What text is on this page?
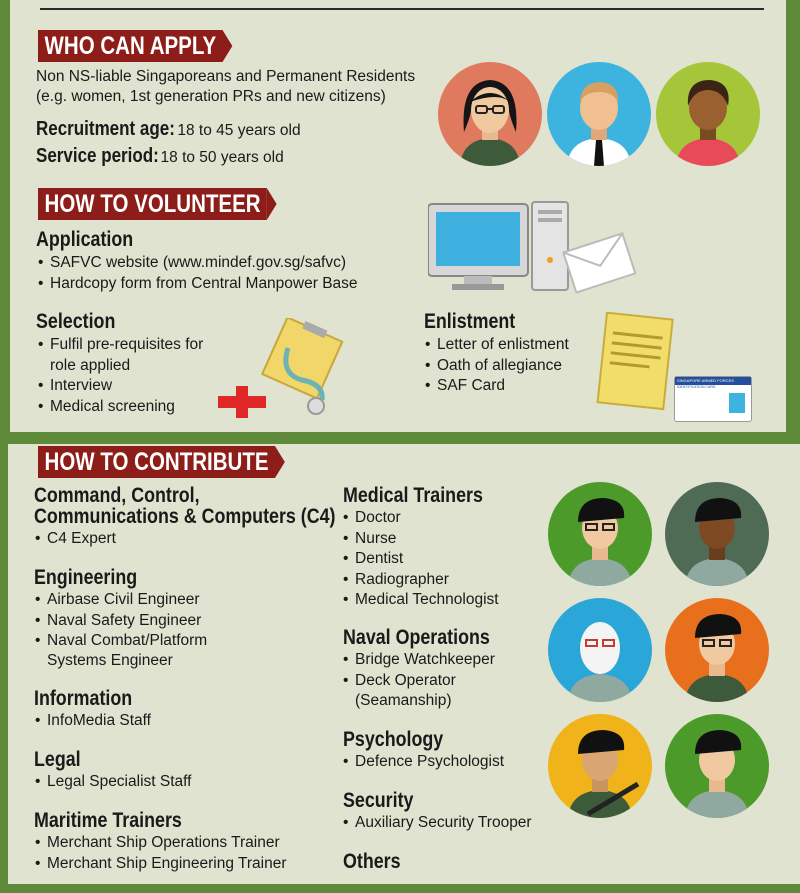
WHO CAN APPLY
Non NS-liable Singaporeans and Permanent Residents
(e.g. women, 1st generation PRs and new citizens)
Recruitment age: 18 to 45 years old
Service period: 18 to 50 years old
HOW TO VOLUNTEER
Application
• SAFVC website (www.mindef.gov.sg/safvc)
• Hardcopy form from Central Manpower Base
Selection
• Fulfil pre-requisites for
role applied
• Interview
• Medical screening
Enlistment
• Letter of enlistment
• Oath of allegiance
• SAF Card	SINGAPORE ARMED FORCES
IDENTIFICATION CARD
HOW TO CONTRIBUTE
Command, Control,
Communications & Computers (C4)
• C4 Expert
Engineering
• Airbase Civil Engineer
• Naval Safety Engineer
• Naval Combat/Platform
Systems Engineer
Information
• InfoMedia Staff
Legal
• Legal Specialist Staff
Maritime Trainers
• Merchant Ship Operations Trainer
• Merchant Ship Engineering Trainer
Medical Trainers
• Doctor
• Nurse
• Dentist
• Radiographer
• Medical Technologist
Naval Operations
• Bridge Watchkeeper
• Deck Operator
(Seamanship)
Psychology
• Defence Psychologist
Security
• Auxiliary Security Trooper
Others
